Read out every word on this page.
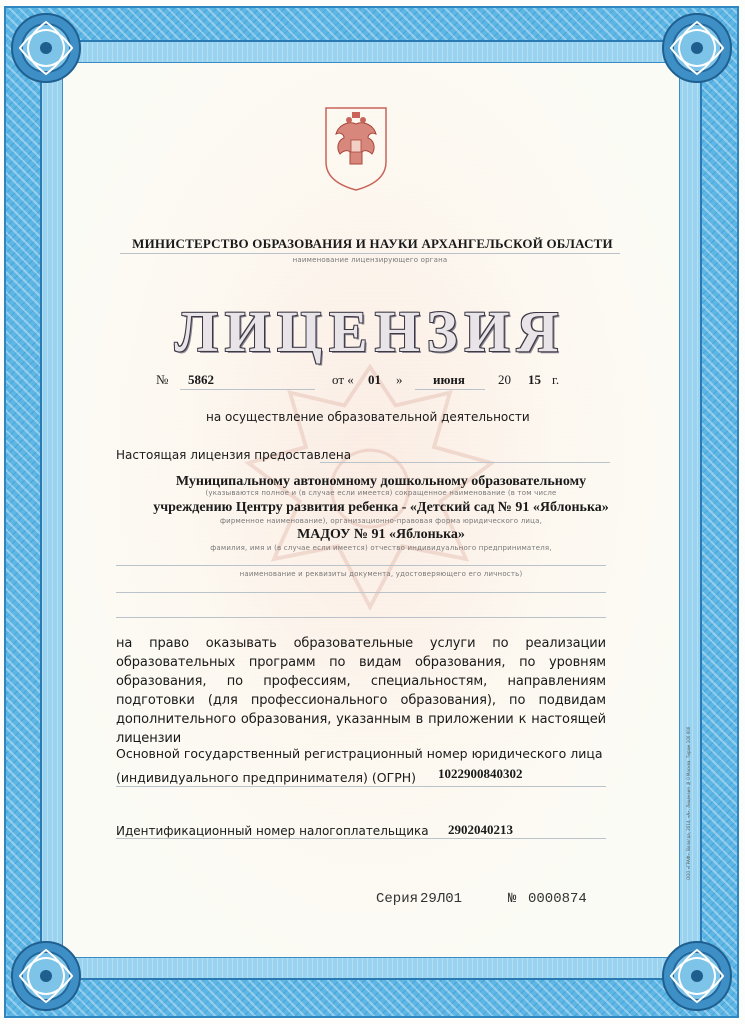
МИНИСТЕРСТВО ОБРАЗОВАНИЯ И НАУКИ АРХАНГЕЛЬСКОЙ ОБЛАСТИ
наименование лицензирующего органа
ЛИЦЕНЗИЯ
№ 5862	от « 01 » июня	20 15 г.
на осуществление образовательной деятельности
Настоящая лицензия предоставлена
Муниципальному автономному дошкольному образовательному
(указываются полное и (в случае если имеется) сокращенное наименование (в том числе
учреждению Центру развития ребенка - «Детский сад № 91 «Яблонька»
фирменное наименование), организационно-правовая форма юридического лица,
МАДОУ № 91 «Яблонька»
фамилия, имя и (в случае если имеется) отчество индивидуального предпринимателя,
наименование и реквизиты документа, удостоверяющего его личность)
на право оказывать образовательные услуги по реализации образовательных программ по видам образования, по уровням образования, по профессиям, специальностям, направлениям подготовки (для профессионального образования), по подвидам дополнительного образования, указанным в приложении к настоящей лицензии
Основной государственный регистрационный номер юридического лица
(индивидуального предпринимателя) (ОГРН) 1022900840302
Идентификационный номер налогоплательщика 2902040213
Серия 29Л01	№ 0000874
ООО «ГРАФ», Вологда, 2014, «А». Лицензия № 0 Москва. Тираж 100 000
